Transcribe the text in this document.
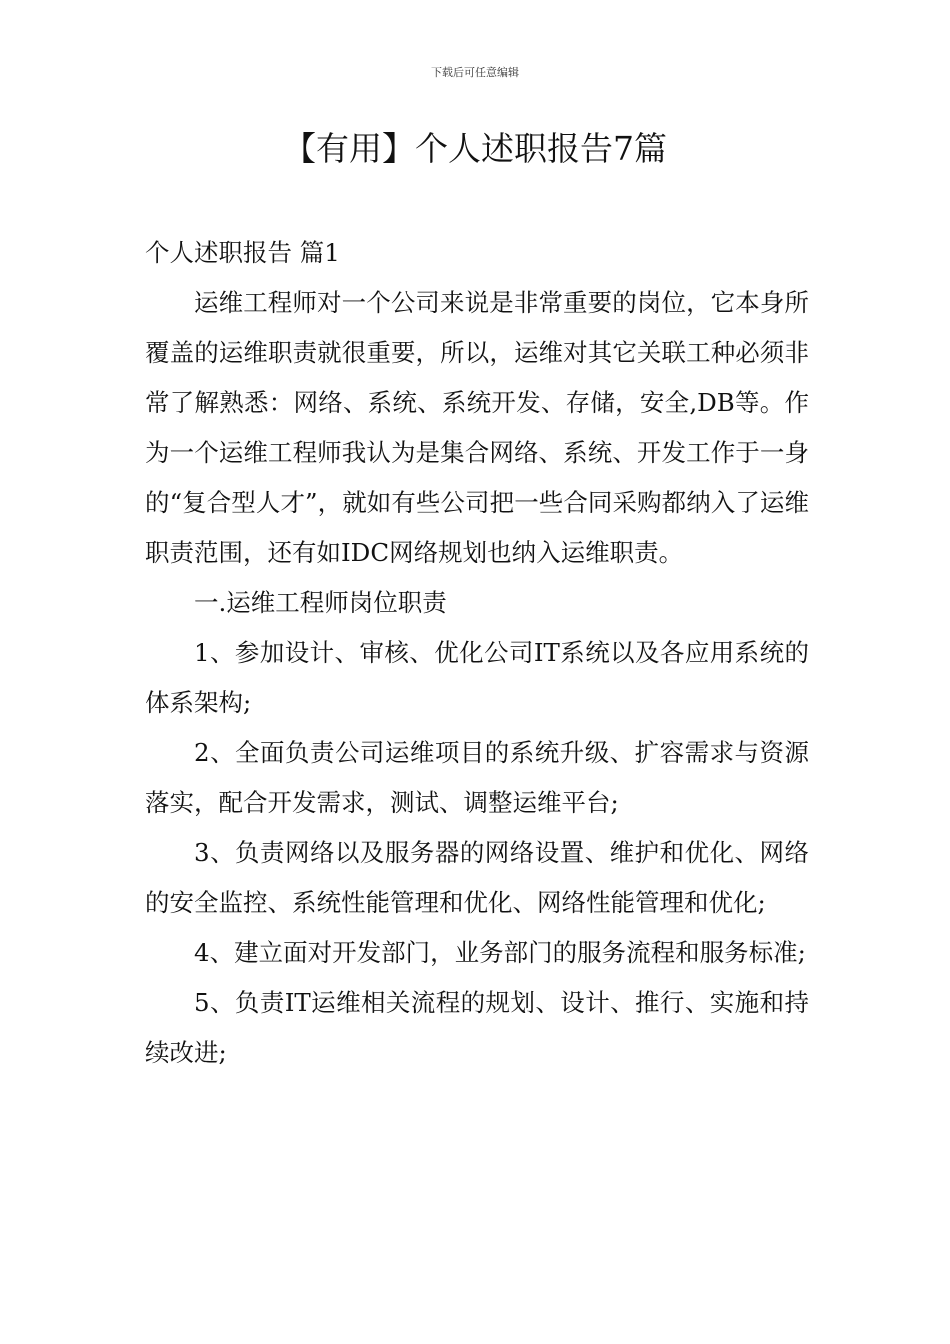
下载后可任意编辑
【有用】个人述职报告7篇

个人述职报告 篇1

运维工程师对一个公司来说是非常重要的岗位，它本身所覆盖的运维职责就很重要，所以，运维对其它关联工种必须非常了解熟悉：网络、系统、系统开发、存储，安全,DB等。作为一个运维工程师我认为是集合网络、系统、开发工作于一身的“复合型人才”，就如有些公司把一些合同采购都纳入了运维职责范围，还有如IDC网络规划也纳入运维职责。

一.运维工程师岗位职责

1、参加设计、审核、优化公司IT系统以及各应用系统的体系架构;

2、全面负责公司运维项目的系统升级、扩容需求与资源落实，配合开发需求，测试、调整运维平台;

3、负责网络以及服务器的网络设置、维护和优化、网络的安全监控、系统性能管理和优化、网络性能管理和优化;

4、建立面对开发部门，业务部门的服务流程和服务标准;

5、负责IT运维相关流程的规划、设计、推行、实施和持续改进;
